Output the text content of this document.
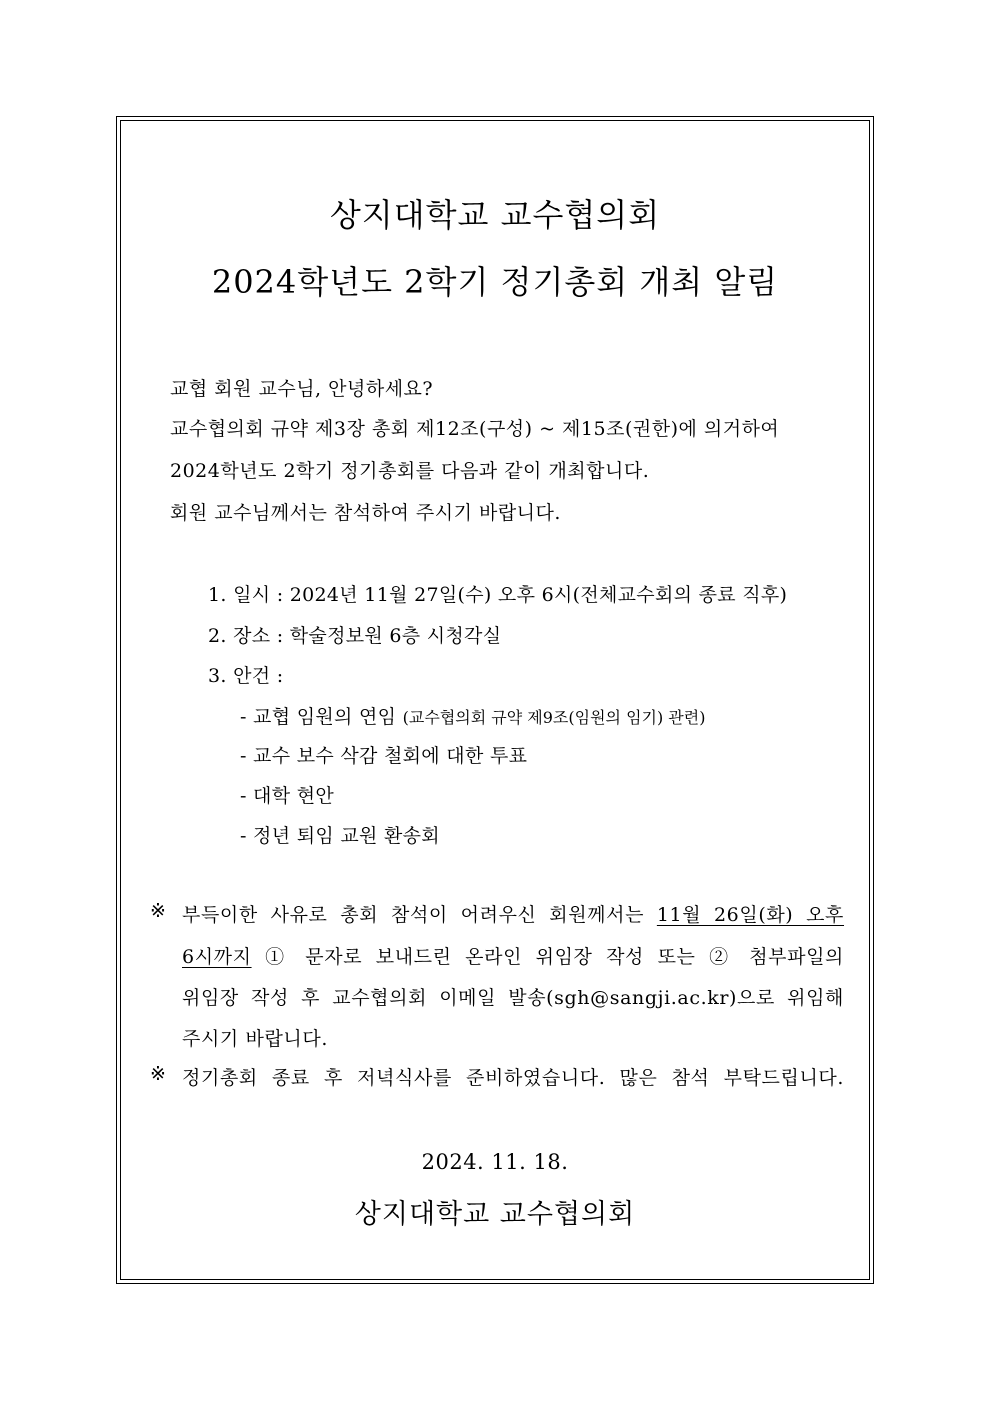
상지대학교 교수협의회
2024학년도 2학기 정기총회 개최 알림
교협 회원 교수님, 안녕하세요?
교수협의회 규약 제3장 총회 제12조(구성) ~ 제15조(권한)에 의거하여
2024학년도 2학기 정기총회를 다음과 같이 개최합니다.
회원 교수님께서는 참석하여 주시기 바랍니다.
1. 일시 : 2024년 11월 27일(수) 오후 6시(전체교수회의 종료 직후)
2. 장소 : 학술정보원 6층 시청각실
3. 안건 :
- 교협 임원의 연임 (교수협의회 규약 제9조(임원의 임기) 관련)
- 교수 보수 삭감 철회에 대한 투표
- 대학 현안
- 정년 퇴임 교원 환송회
※ 부득이한 사유로 총회 참석이 어려우신 회원께서는 11월 26일(화) 오후
6시까지 ① 문자로 보내드린 온라인 위임장 작성 또는 ② 첨부파일의
위임장 작성 후 교수협의회 이메일 발송(sgh@sangji.ac.kr)으로 위임해
주시기 바랍니다.
※ 정기총회 종료 후 저녁식사를 준비하였습니다. 많은 참석 부탁드립니다.
2024. 11. 18.
상지대학교 교수협의회
